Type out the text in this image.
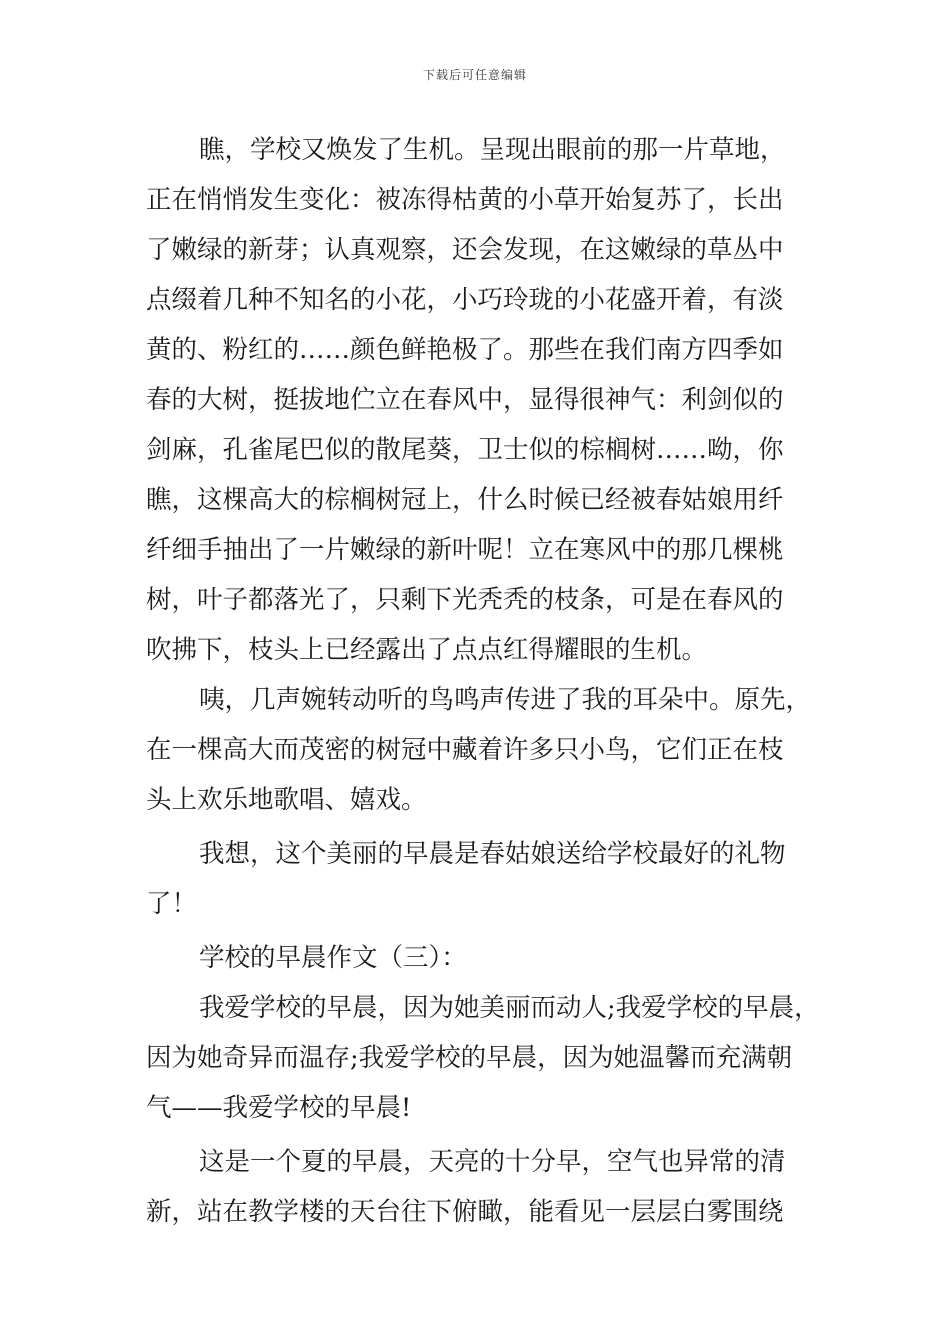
下载后可任意编辑
瞧，学校又焕发了生机。呈现出眼前的那一片草地，
正在悄悄发生变化：被冻得枯黄的小草开始复苏了，长出
了嫩绿的新芽；认真观察，还会发现，在这嫩绿的草丛中
点缀着几种不知名的小花，小巧玲珑的小花盛开着，有淡
黄的、粉红的……颜色鲜艳极了。那些在我们南方四季如
春的大树，挺拔地伫立在春风中，显得很神气：利剑似的
剑麻，孔雀尾巴似的散尾葵，卫士似的棕榈树……呦，你
瞧，这棵高大的棕榈树冠上，什么时候已经被春姑娘用纤
纤细手抽出了一片嫩绿的新叶呢！立在寒风中的那几棵桃
树，叶子都落光了，只剩下光秃秃的枝条，可是在春风的
吹拂下，枝头上已经露出了点点红得耀眼的生机。
咦，几声婉转动听的鸟鸣声传进了我的耳朵中。原先，
在一棵高大而茂密的树冠中藏着许多只小鸟，它们正在枝
头上欢乐地歌唱、嬉戏。
我想，这个美丽的早晨是春姑娘送给学校最好的礼物
了！
学校的早晨作文（三）：
我爱学校的早晨，因为她美丽而动人;我爱学校的早晨，
因为她奇异而温存;我爱学校的早晨，因为她温馨而充满朝
气——我爱学校的早晨!
这是一个夏的早晨，天亮的十分早，空气也异常的清
新，站在教学楼的天台往下俯瞰，能看见一层层白雾围绕
